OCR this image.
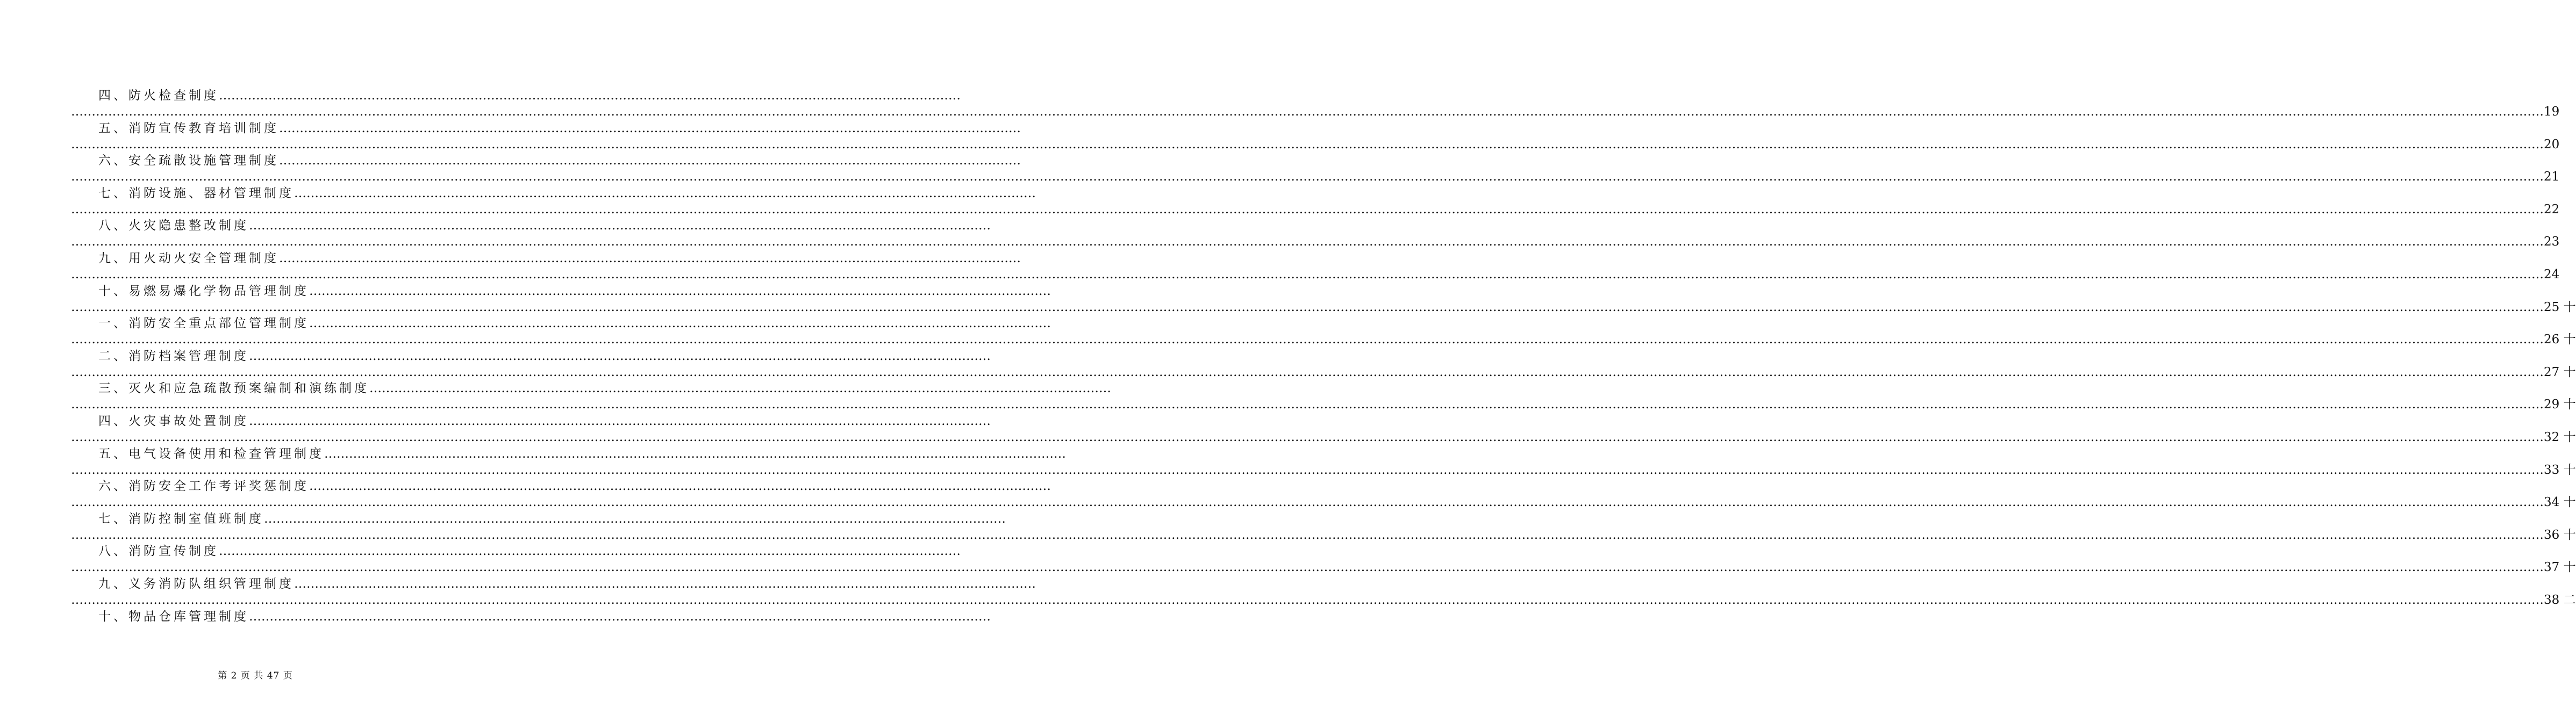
四、防火检查制度………………………………………………………………………………………………………………………………………………………………
……………………………………………………………………………………………………………………………………………………………………………………………………………………………………………………………………………………………………………………………………………………………………………………………………………………………………………………………………………………………………………………………………………………19
五、消防宣传教育培训制度………………………………………………………………………………………………………………………………………………………………
……………………………………………………………………………………………………………………………………………………………………………………………………………………………………………………………………………………………………………………………………………………………………………………………………………………………………………………………………………………………………………………………………………………20
六、安全疏散设施管理制度………………………………………………………………………………………………………………………………………………………………
……………………………………………………………………………………………………………………………………………………………………………………………………………………………………………………………………………………………………………………………………………………………………………………………………………………………………………………………………………………………………………………………………………………21
七、消防设施、器材管理制度………………………………………………………………………………………………………………………………………………………………
……………………………………………………………………………………………………………………………………………………………………………………………………………………………………………………………………………………………………………………………………………………………………………………………………………………………………………………………………………………………………………………………………………………22
八、火灾隐患整改制度………………………………………………………………………………………………………………………………………………………………
……………………………………………………………………………………………………………………………………………………………………………………………………………………………………………………………………………………………………………………………………………………………………………………………………………………………………………………………………………………………………………………………………………………23
九、用火动火安全管理制度………………………………………………………………………………………………………………………………………………………………
……………………………………………………………………………………………………………………………………………………………………………………………………………………………………………………………………………………………………………………………………………………………………………………………………………………………………………………………………………………………………………………………………………………24
十、易燃易爆化学物品管理制度………………………………………………………………………………………………………………………………………………………………
……………………………………………………………………………………………………………………………………………………………………………………………………………………………………………………………………………………………………………………………………………………………………………………………………………………………………………………………………………………………………………………………………………………25 十
一、消防安全重点部位管理制度………………………………………………………………………………………………………………………………………………………………
……………………………………………………………………………………………………………………………………………………………………………………………………………………………………………………………………………………………………………………………………………………………………………………………………………………………………………………………………………………………………………………………………………………26 十
二、消防档案管理制度………………………………………………………………………………………………………………………………………………………………
……………………………………………………………………………………………………………………………………………………………………………………………………………………………………………………………………………………………………………………………………………………………………………………………………………………………………………………………………………………………………………………………………………………27 十
三、灭火和应急疏散预案编制和演练制度………………………………………………………………………………………………………………………………………………………………
……………………………………………………………………………………………………………………………………………………………………………………………………………………………………………………………………………………………………………………………………………………………………………………………………………………………………………………………………………………………………………………………………………………29 十
四、火灾事故处置制度………………………………………………………………………………………………………………………………………………………………
……………………………………………………………………………………………………………………………………………………………………………………………………………………………………………………………………………………………………………………………………………………………………………………………………………………………………………………………………………………………………………………………………………………32 十
五、电气设备使用和检查管理制度………………………………………………………………………………………………………………………………………………………………
……………………………………………………………………………………………………………………………………………………………………………………………………………………………………………………………………………………………………………………………………………………………………………………………………………………………………………………………………………………………………………………………………………………33 十
六、消防安全工作考评奖惩制度………………………………………………………………………………………………………………………………………………………………
……………………………………………………………………………………………………………………………………………………………………………………………………………………………………………………………………………………………………………………………………………………………………………………………………………………………………………………………………………………………………………………………………………………34 十
七、消防控制室值班制度………………………………………………………………………………………………………………………………………………………………
……………………………………………………………………………………………………………………………………………………………………………………………………………………………………………………………………………………………………………………………………………………………………………………………………………………………………………………………………………………………………………………………………………………36 十
八、消防宣传制度………………………………………………………………………………………………………………………………………………………………
……………………………………………………………………………………………………………………………………………………………………………………………………………………………………………………………………………………………………………………………………………………………………………………………………………………………………………………………………………………………………………………………………………………37 十
九、义务消防队组织管理制度………………………………………………………………………………………………………………………………………………………………
……………………………………………………………………………………………………………………………………………………………………………………………………………………………………………………………………………………………………………………………………………………………………………………………………………………………………………………………………………………………………………………………………………………38 二
十、物品仓库管理制度………………………………………………………………………………………………………………………………………………………………
第 2 页 共 47 页
